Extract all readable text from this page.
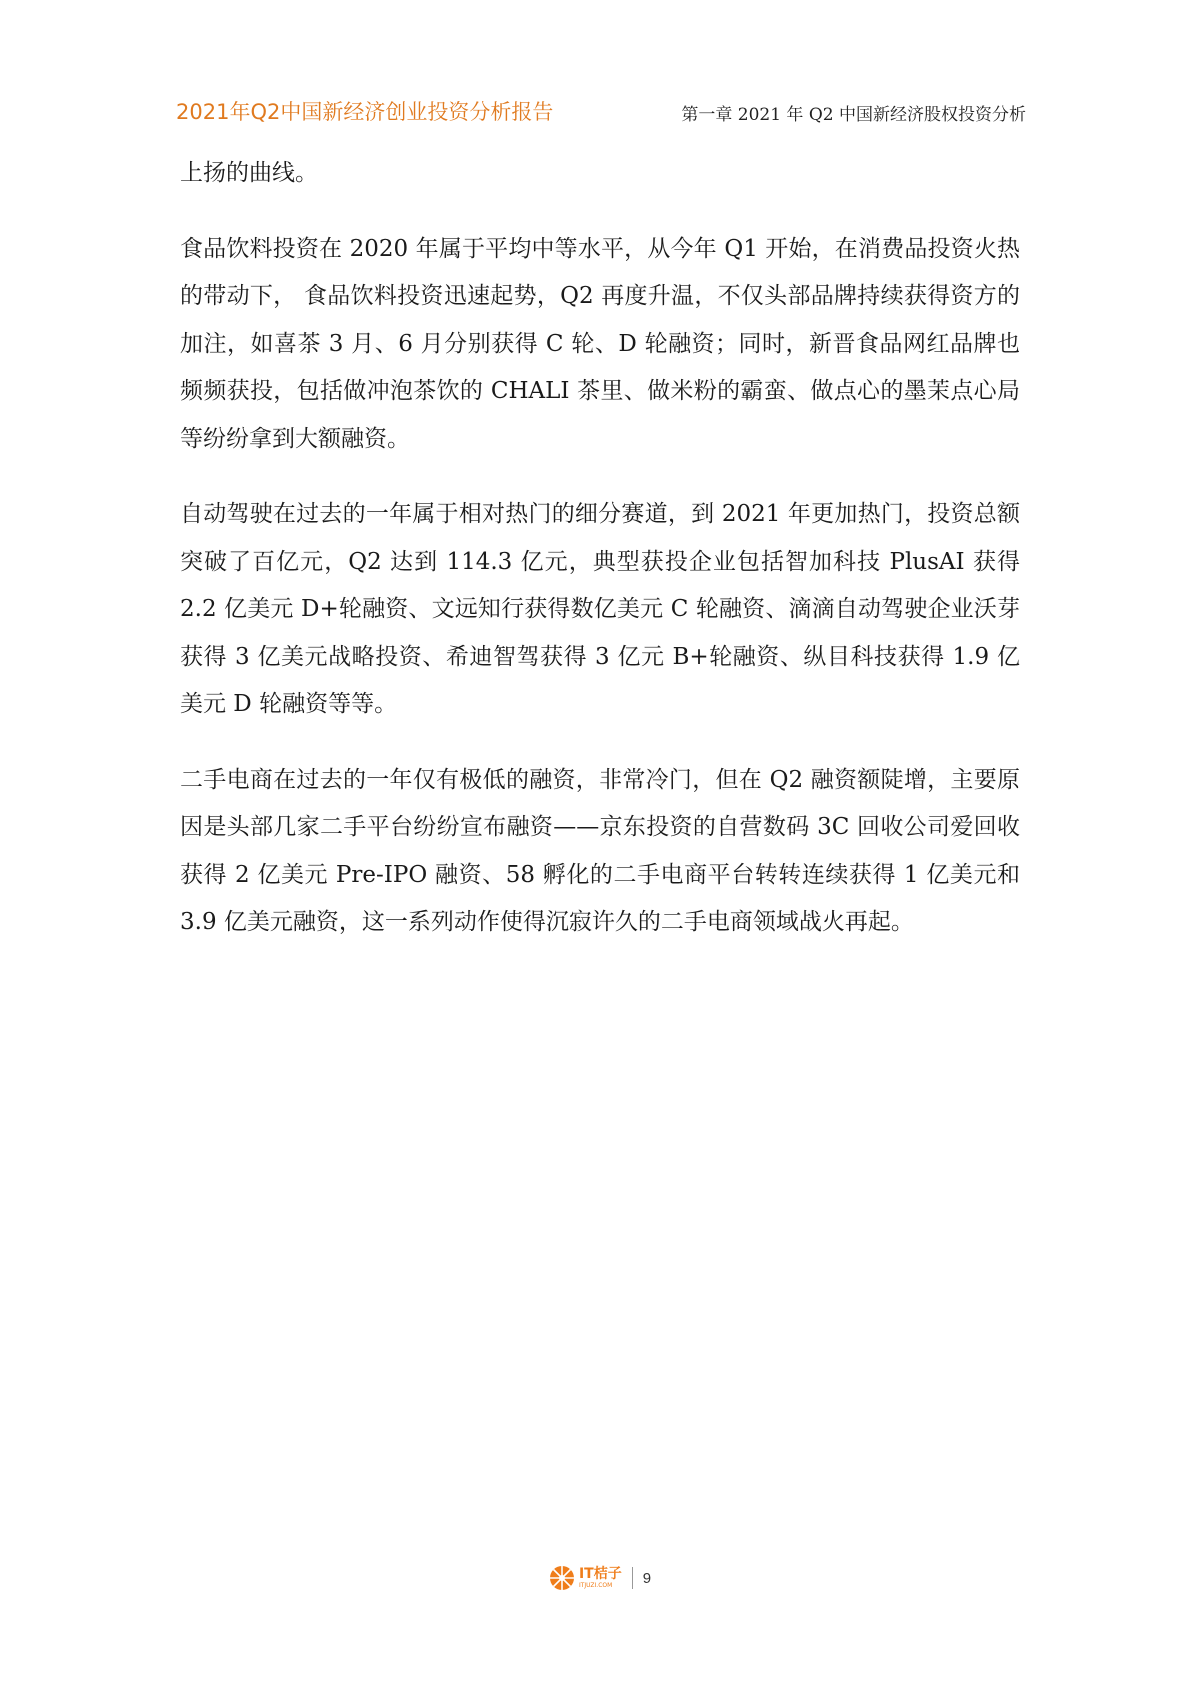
2021年Q2中国新经济创业投资分析报告	第一章 2021 年 Q2 中国新经济股权投资分析

上扬的曲线。

食品饮料投资在 2020 年属于平均中等水平，从今年 Q1 开始，在消费品投资火热的带动下， 食品饮料投资迅速起势，Q2 再度升温，不仅头部品牌持续获得资方的加注，如喜茶 3 月、6 月分别获得 C 轮、D 轮融资；同时，新晋食品网红品牌也频频获投，包括做冲泡茶饮的 CHALI 茶里、做米粉的霸蛮、做点心的墨茉点心局等纷纷拿到大额融资。

自动驾驶在过去的一年属于相对热门的细分赛道，到 2021 年更加热门，投资总额突破了百亿元，Q2 达到 114.3 亿元，典型获投企业包括智加科技 PlusAI 获得 2.2 亿美元 D+轮融资、文远知行获得数亿美元 C 轮融资、滴滴自动驾驶企业沃芽获得 3 亿美元战略投资、希迪智驾获得 3 亿元 B+轮融资、纵目科技获得 1.9 亿美元 D 轮融资等等。

二手电商在过去的一年仅有极低的融资，非常冷门，但在 Q2 融资额陡增，主要原因是头部几家二手平台纷纷宣布融资——京东投资的自营数码 3C 回收公司爱回收获得 2 亿美元 Pre-IPO 融资、58 孵化的二手电商平台转转连续获得 1 亿美元和 3.9 亿美元融资，这一系列动作使得沉寂许久的二手电商领域战火再起。

IT桔子
ITJUZI.COM 9
